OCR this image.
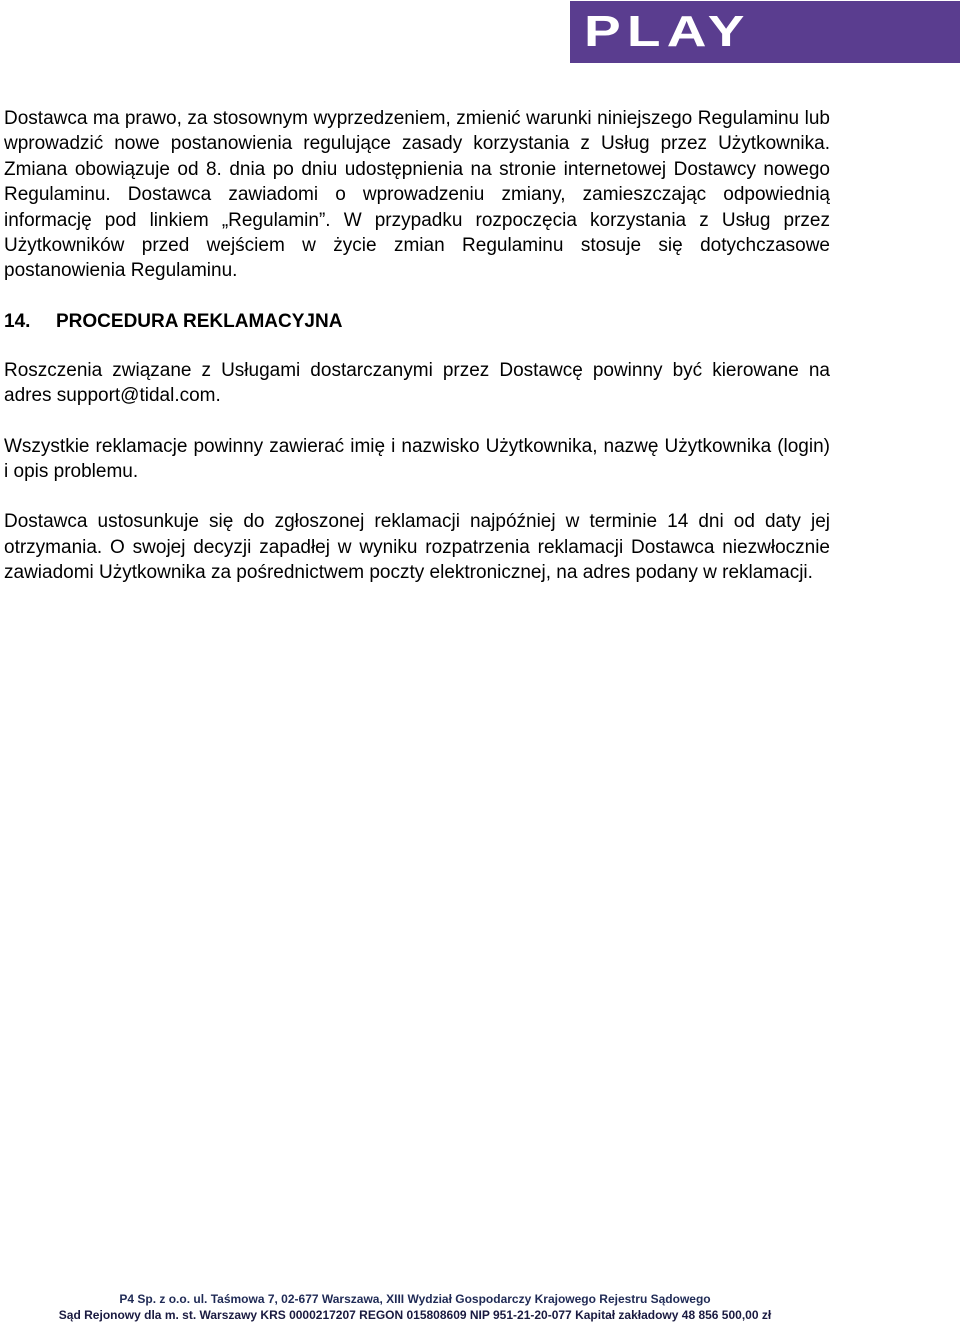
PLAY

Dostawca ma prawo, za stosownym wyprzedzeniem, zmienić warunki niniejszego Regulaminu lub wprowadzić nowe postanowienia regulujące zasady korzystania z Usług przez Użytkownika. Zmiana obowiązuje od 8. dnia po dniu udostępnienia na stronie internetowej Dostawcy nowego Regulaminu. Dostawca zawiadomi o wprowadzeniu zmiany, zamieszczając odpowiednią informację pod linkiem „Regulamin”. W przypadku rozpoczęcia korzystania z Usług przez Użytkowników przed wejściem w życie zmian Regulaminu stosuje się dotychczasowe postanowienia Regulaminu.

14. PROCEDURA REKLAMACYJNA

Roszczenia związane z Usługami dostarczanymi przez Dostawcę powinny być kierowane na adres support@tidal.com.

Wszystkie reklamacje powinny zawierać imię i nazwisko Użytkownika, nazwę Użytkownika (login) i opis problemu.

Dostawca ustosunkuje się do zgłoszonej reklamacji najpóźniej w terminie 14 dni od daty jej otrzymania. O swojej decyzji zapadłej w wyniku rozpatrzenia reklamacji Dostawca niezwłocznie zawiadomi Użytkownika za pośrednictwem poczty elektronicznej, na adres podany w reklamacji.

P4 Sp. z o.o. ul. Taśmowa 7, 02-677 Warszawa, XIII Wydział Gospodarczy Krajowego Rejestru Sądowego
Sąd Rejonowy dla m. st. Warszawy KRS 0000217207 REGON 015808609 NIP 951-21-20-077 Kapitał zakładowy 48 856 500,00 zł
